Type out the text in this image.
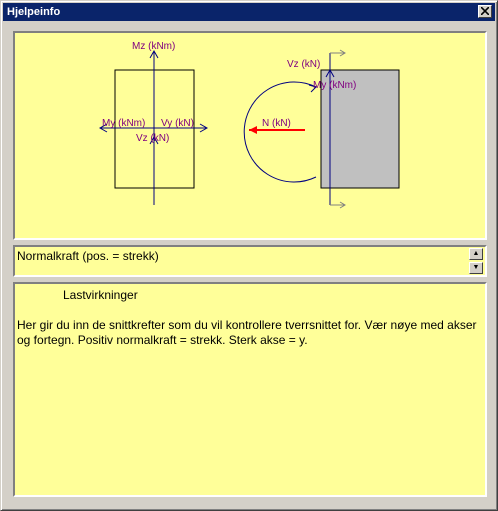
Hjelpeinfo
Mz (kNm)
My (kNm) Vy (kN)
Vz (kN)
Vz (kN)
My (kNm)
N (kN)
Normalkraft (pos. = strekk)	▲
▼
Lastvirkninger
Her gir du inn de snittkrefter som du vil kontrollere tverrsnittet for. Vær nøye med akser og fortegn. Positiv normalkraft = strekk. Sterk akse = y.
